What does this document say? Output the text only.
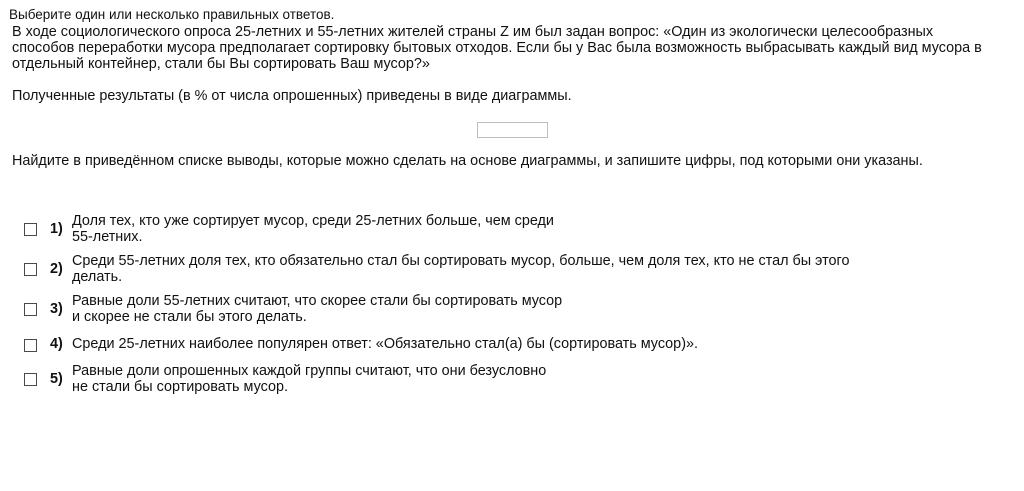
Выберите один или несколько правильных ответов.

В ходе социологического опроса 25-летних и 55-летних жителей страны Z им был задан вопрос: «Один из экологически целесообразных способов переработки мусора предполагает сортировку бытовых отходов. Если бы у Вас была возможность выбрасывать каждый вид мусора в отдельный контейнер, стали бы Вы сортировать Ваш мусор?»

Полученные результаты (в % от числа опрошенных) приведены в виде диаграммы.

Найдите в приведённом списке выводы, которые можно сделать на основе диаграммы, и запишите цифры, под которыми они указаны.
1) Доля тех, кто уже сортирует мусор, среди 25-летних больше, чем среди
55-летних.
2) Среди 55-летних доля тех, кто обязательно стал бы сортировать мусор, больше, чем доля тех, кто не стал бы этого
делать.
3) Равные доли 55-летних считают, что скорее стали бы сортировать мусор
и скорее не стали бы этого делать.
4) Среди 25-летних наиболее популярен ответ: «Обязательно стал(а) бы (сортировать мусор)».
5) Равные доли опрошенных каждой группы считают, что они безусловно
не стали бы сортировать мусор.
